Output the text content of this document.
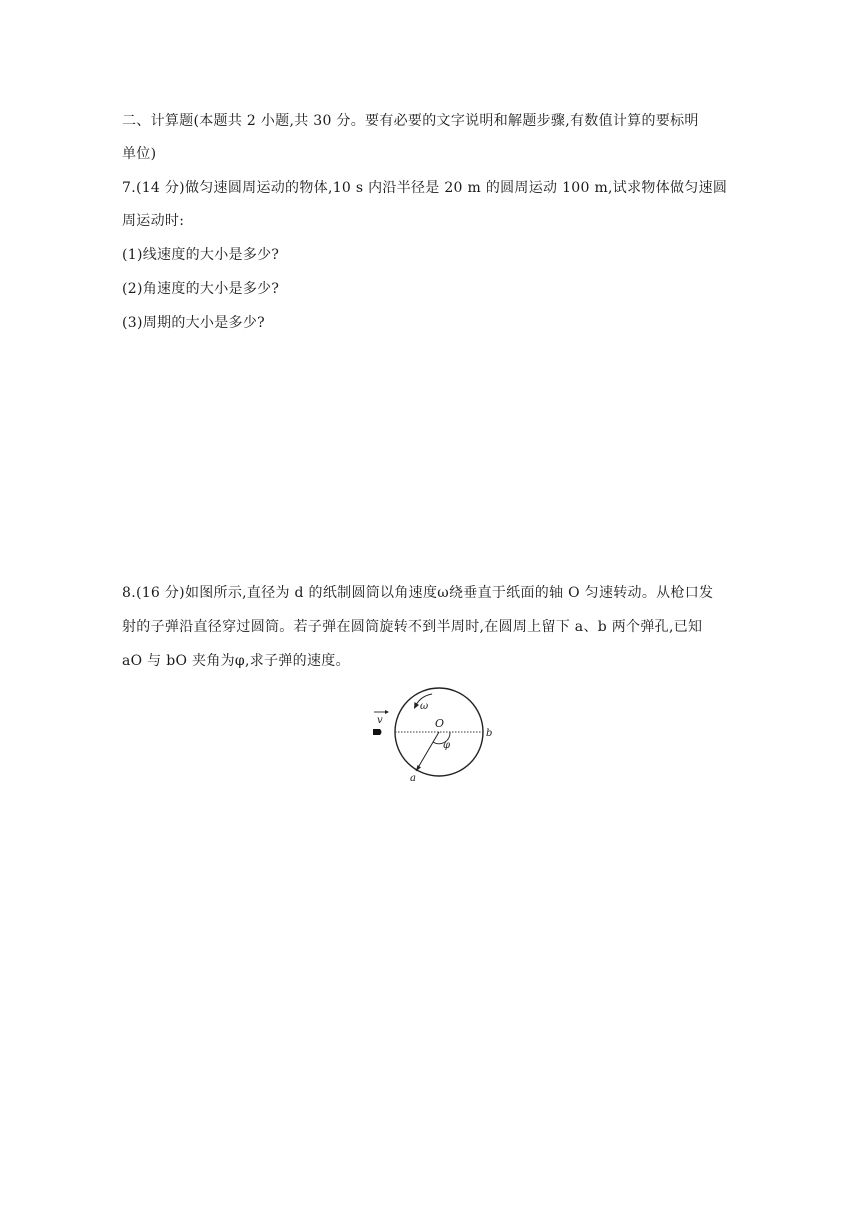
二、计算题(本题共 2 小题,共 30 分。要有必要的文字说明和解题步骤,有数值计算的要标明
单位)
7.(14 分)做匀速圆周运动的物体,10 s 内沿半径是 20 m 的圆周运动 100 m,试求物体做匀速圆
周运动时:
(1)线速度的大小是多少?
(2)角速度的大小是多少?
(3)周期的大小是多少?
8.(16 分)如图所示,直径为 d 的纸制圆筒以角速度ω绕垂直于纸面的轴 O 匀速转动。从枪口发
射的子弹沿直径穿过圆筒。若子弹在圆筒旋转不到半周时,在圆周上留下 a、b 两个弹孔,已知
aO 与 bO 夹角为φ,求子弹的速度。
v
ω
O
φ
a
b
